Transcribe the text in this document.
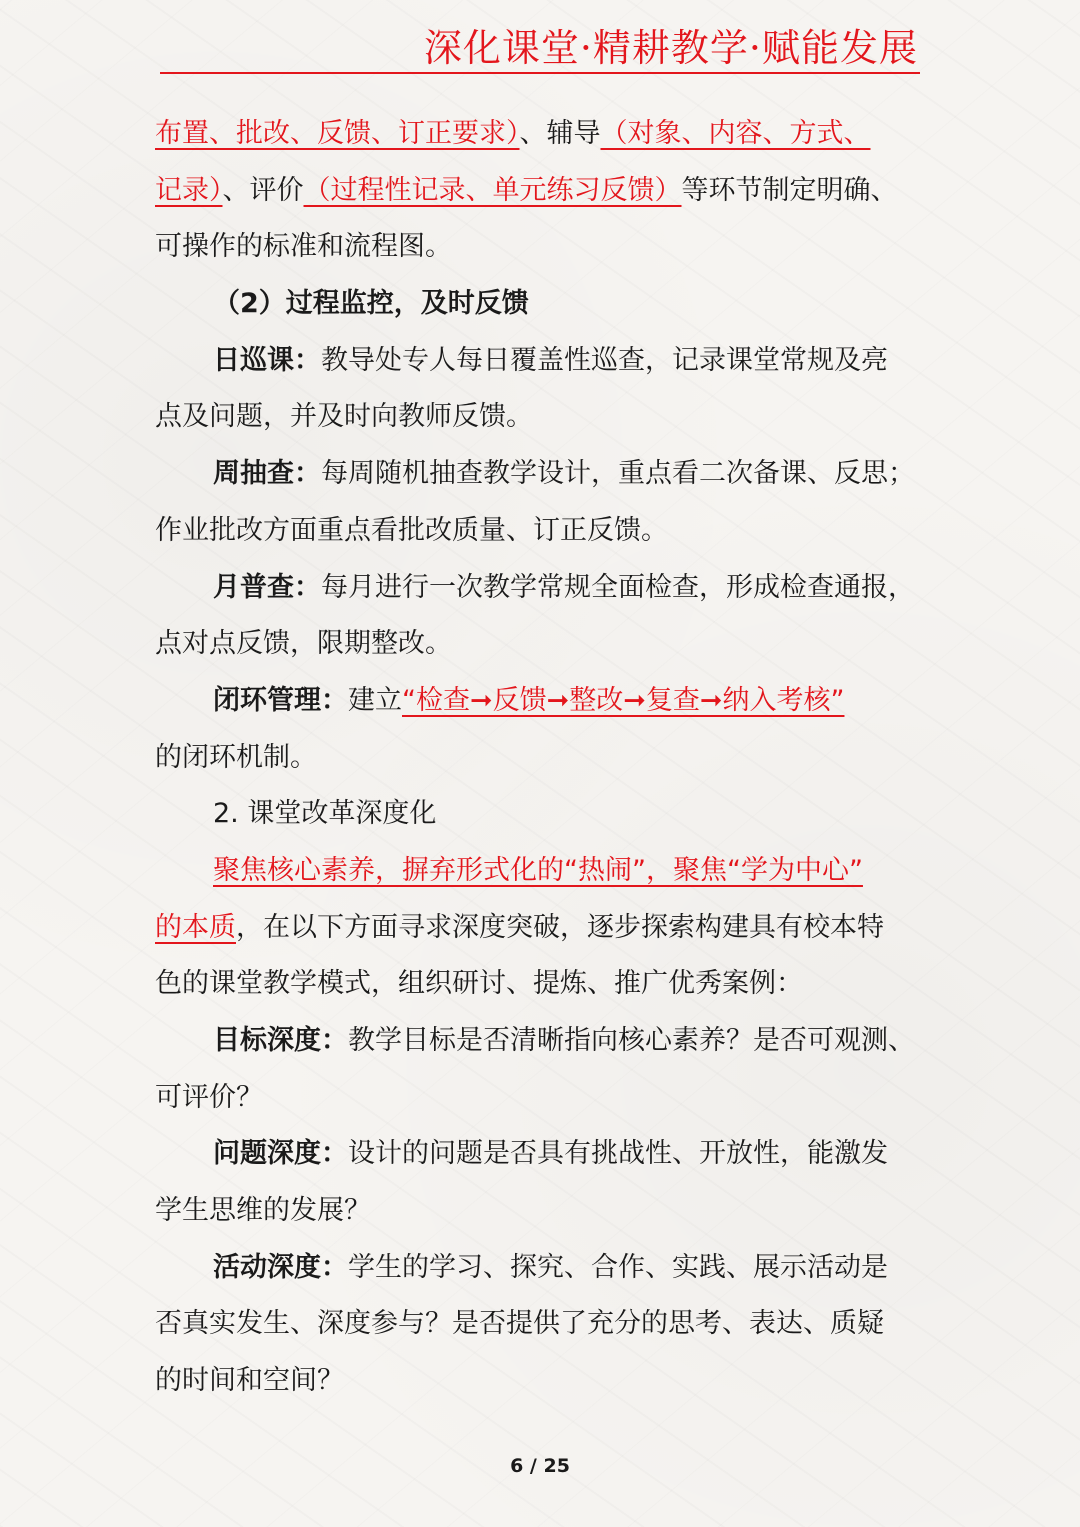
深化课堂·精耕教学·赋能发展
布置、批改、反馈、订正要求）、辅导（对象、内容、方式、
记录）、评价（过程性记录、单元练习反馈）等环节制定明确、
可操作的标准和流程图。
（2）过程监控，及时反馈
日巡课：教导处专人每日覆盖性巡查，记录课堂常规及亮
点及问题，并及时向教师反馈。
周抽查：每周随机抽查教学设计，重点看二次备课、反思；
作业批改方面重点看批改质量、订正反馈。
月普查：每月进行一次教学常规全面检查，形成检查通报，
点对点反馈，限期整改。
闭环管理：建立“检查➞反馈➞整改➞复查➞纳入考核”
的闭环机制。
2. 课堂改革深度化
聚焦核心素养，摒弃形式化的“热闹”，聚焦“学为中心”
的本质，在以下方面寻求深度突破，逐步探索构建具有校本特
色的课堂教学模式，组织研讨、提炼、推广优秀案例：
目标深度：教学目标是否清晰指向核心素养？是否可观测、
可评价？
问题深度：设计的问题是否具有挑战性、开放性，能激发
学生思维的发展？
活动深度：学生的学习、探究、合作、实践、展示活动是
否真实发生、深度参与？是否提供了充分的思考、表达、质疑
的时间和空间？
6 / 25
